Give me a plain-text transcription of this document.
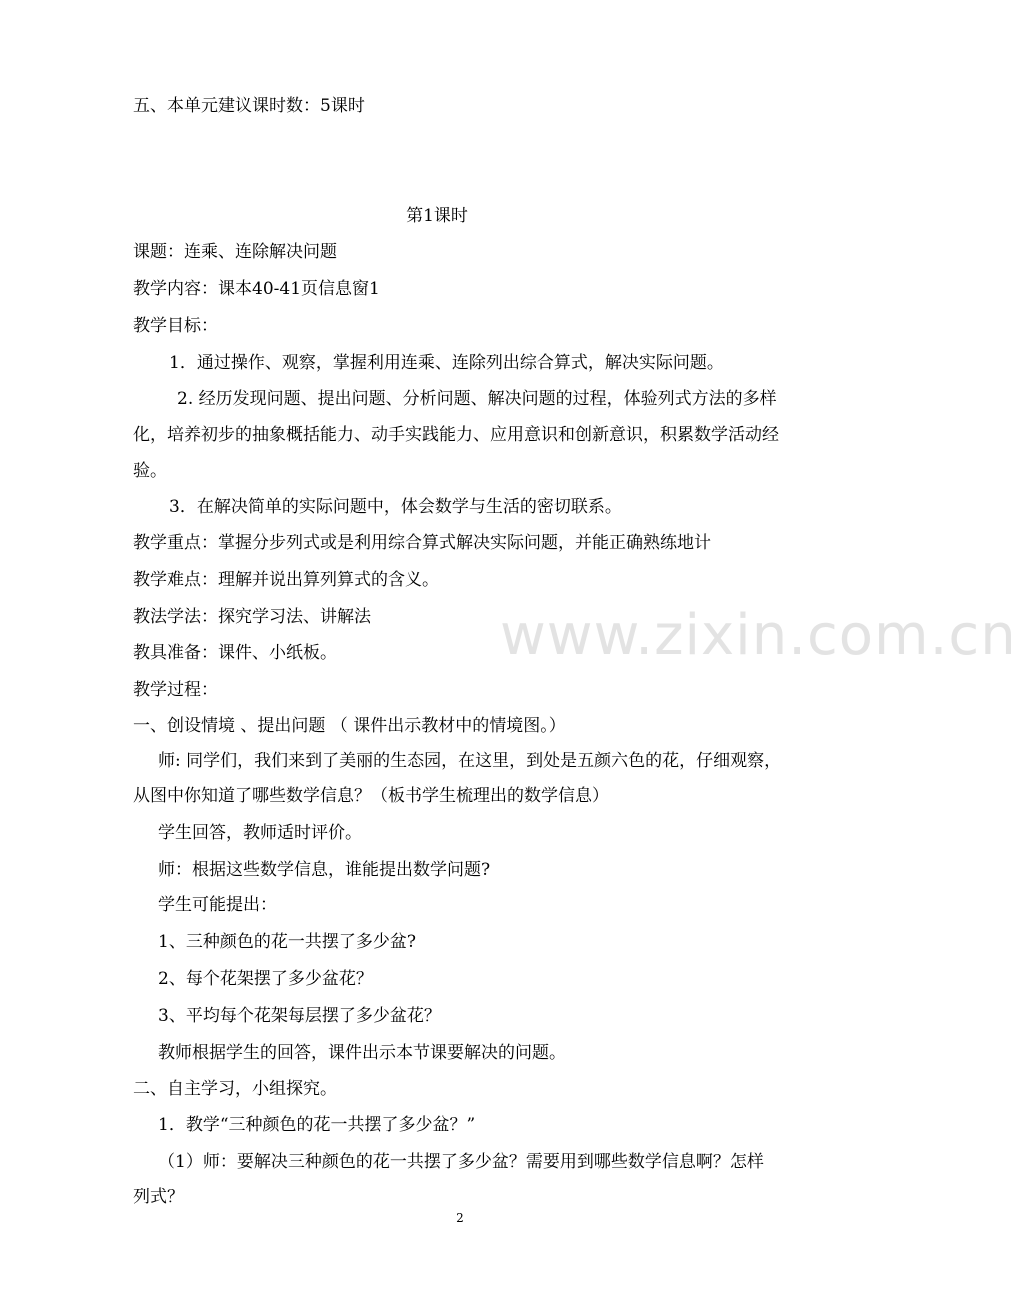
www.zixin.com.cn
五、本单元建议课时数：5课时
第1课时
课题：连乘、连除解决问题
教学内容：课本40-41页信息窗1
教学目标：
1．通过操作、观察，掌握利用连乘、连除列出综合算式，解决实际问题。
2. 经历发现问题、提出问题、分析问题、解决问题的过程，体验列式方法的多样
化，培养初步的抽象概括能力、动手实践能力、应用意识和创新意识，积累数学活动经
验。
3．在解决简单的实际问题中，体会数学与生活的密切联系。
教学重点：掌握分步列式或是利用综合算式解决实际问题，并能正确熟练地计
教学难点：理解并说出算列算式的含义。
教法学法：探究学习法、讲解法
教具准备：课件、小纸板。
教学过程：
一、创设情境 、提出问题 （ 课件出示教材中的情境图。）
师: 同学们，我们来到了美丽的生态园，在这里，到处是五颜六色的花，仔细观察，
从图中你知道了哪些数学信息？（板书学生梳理出的数学信息）
学生回答，教师适时评价。
师：根据这些数学信息，谁能提出数学问题?
学生可能提出：
1、三种颜色的花一共摆了多少盆?
2、每个花架摆了多少盆花？
3、平均每个花架每层摆了多少盆花？
教师根据学生的回答，课件出示本节课要解决的问题。
二、自主学习，小组探究。
1．教学“三种颜色的花一共摆了多少盆？”
（1）师：要解决三种颜色的花一共摆了多少盆？需要用到哪些数学信息啊？怎样
列式？
2
